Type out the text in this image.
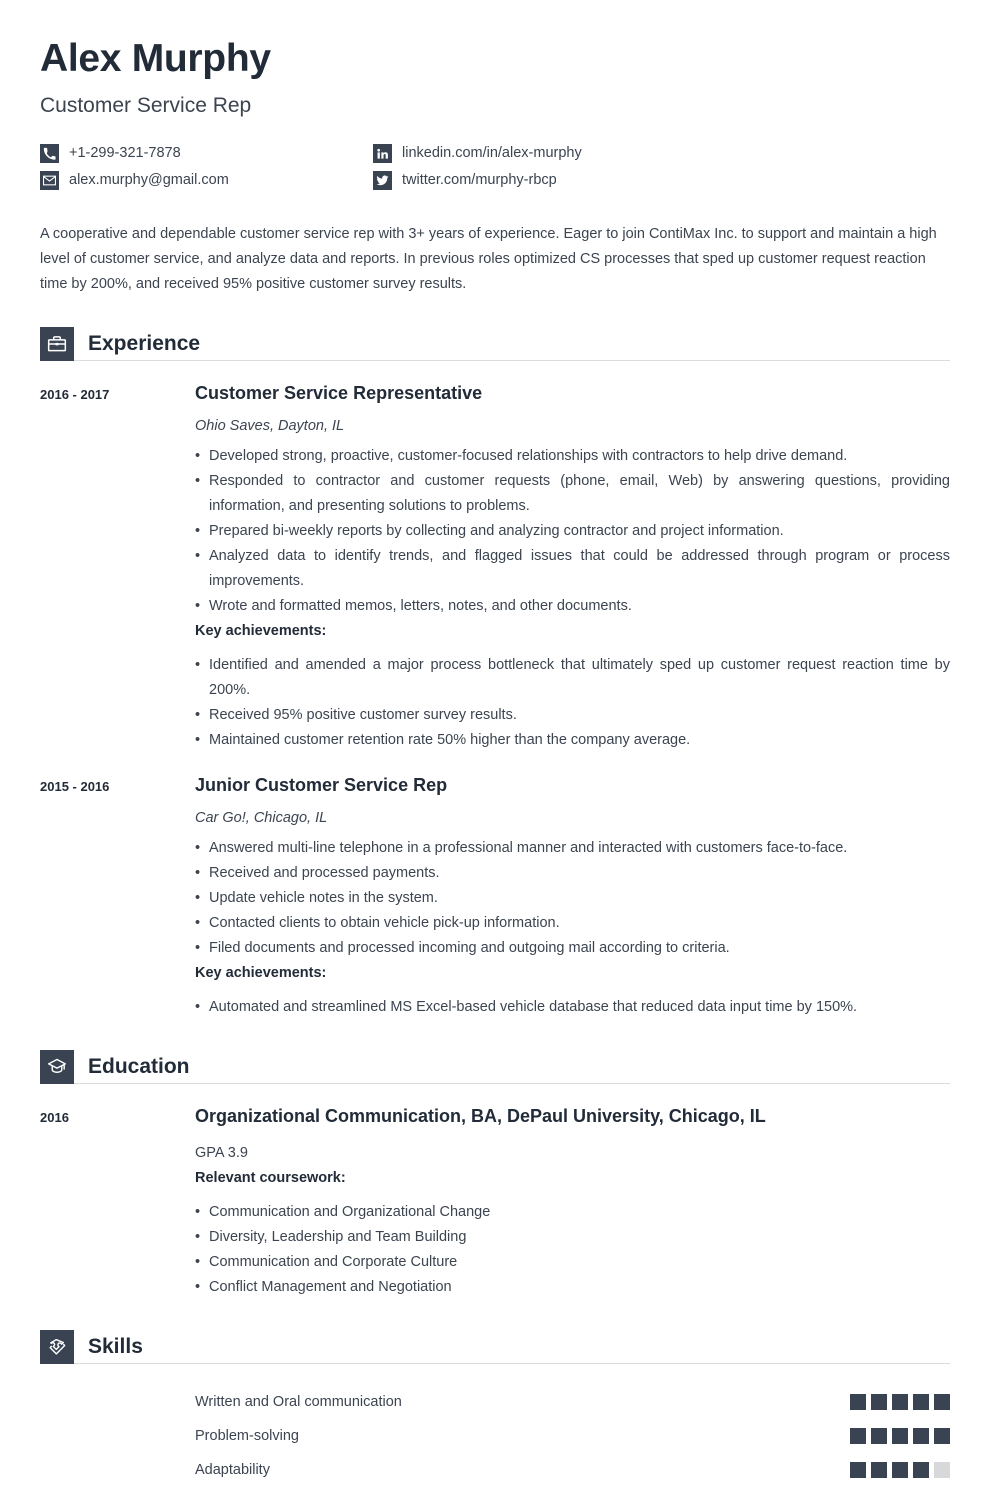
Alex Murphy
Customer Service Rep
+1-299-321-7878	linkedin.com/in/alex-murphy
alex.murphy@gmail.com	twitter.com/murphy-rbcp
A cooperative and dependable customer service rep with 3+ years of experience. Eager to join ContiMax Inc. to support and maintain a high level of customer service, and analyze data and reports. In previous roles optimized CS processes that sped up customer request reaction time by 200%, and received 95% positive customer survey results.
Experience
2016 - 2017	Customer Service Representative
Ohio Saves, Dayton, IL
• Developed strong, proactive, customer-focused relationships with contractors to help drive demand.
• Responded to contractor and customer requests (phone, email, Web) by answering questions, providing information, and presenting solutions to problems.
• Prepared bi-weekly reports by collecting and analyzing contractor and project information.
• Analyzed data to identify trends, and flagged issues that could be addressed through program or process improvements.
• Wrote and formatted memos, letters, notes, and other documents.
Key achievements:
• Identified and amended a major process bottleneck that ultimately sped up customer request reaction time by 200%.
• Received 95% positive customer survey results.
• Maintained customer retention rate 50% higher than the company average.
2015 - 2016	Junior Customer Service Rep
Car Go!, Chicago, IL
• Answered multi-line telephone in a professional manner and interacted with customers face-to-face.
• Received and processed payments.
• Update vehicle notes in the system.
• Contacted clients to obtain vehicle pick-up information.
• Filed documents and processed incoming and outgoing mail according to criteria.
Key achievements:
• Automated and streamlined MS Excel-based vehicle database that reduced data input time by 150%.
Education
2016	Organizational Communication, BA, DePaul University, Chicago, IL
GPA 3.9
Relevant coursework:
• Communication and Organizational Change
• Diversity, Leadership and Team Building
• Communication and Corporate Culture
• Conflict Management and Negotiation
Skills
Written and Oral communication
Problem-solving
Adaptability
